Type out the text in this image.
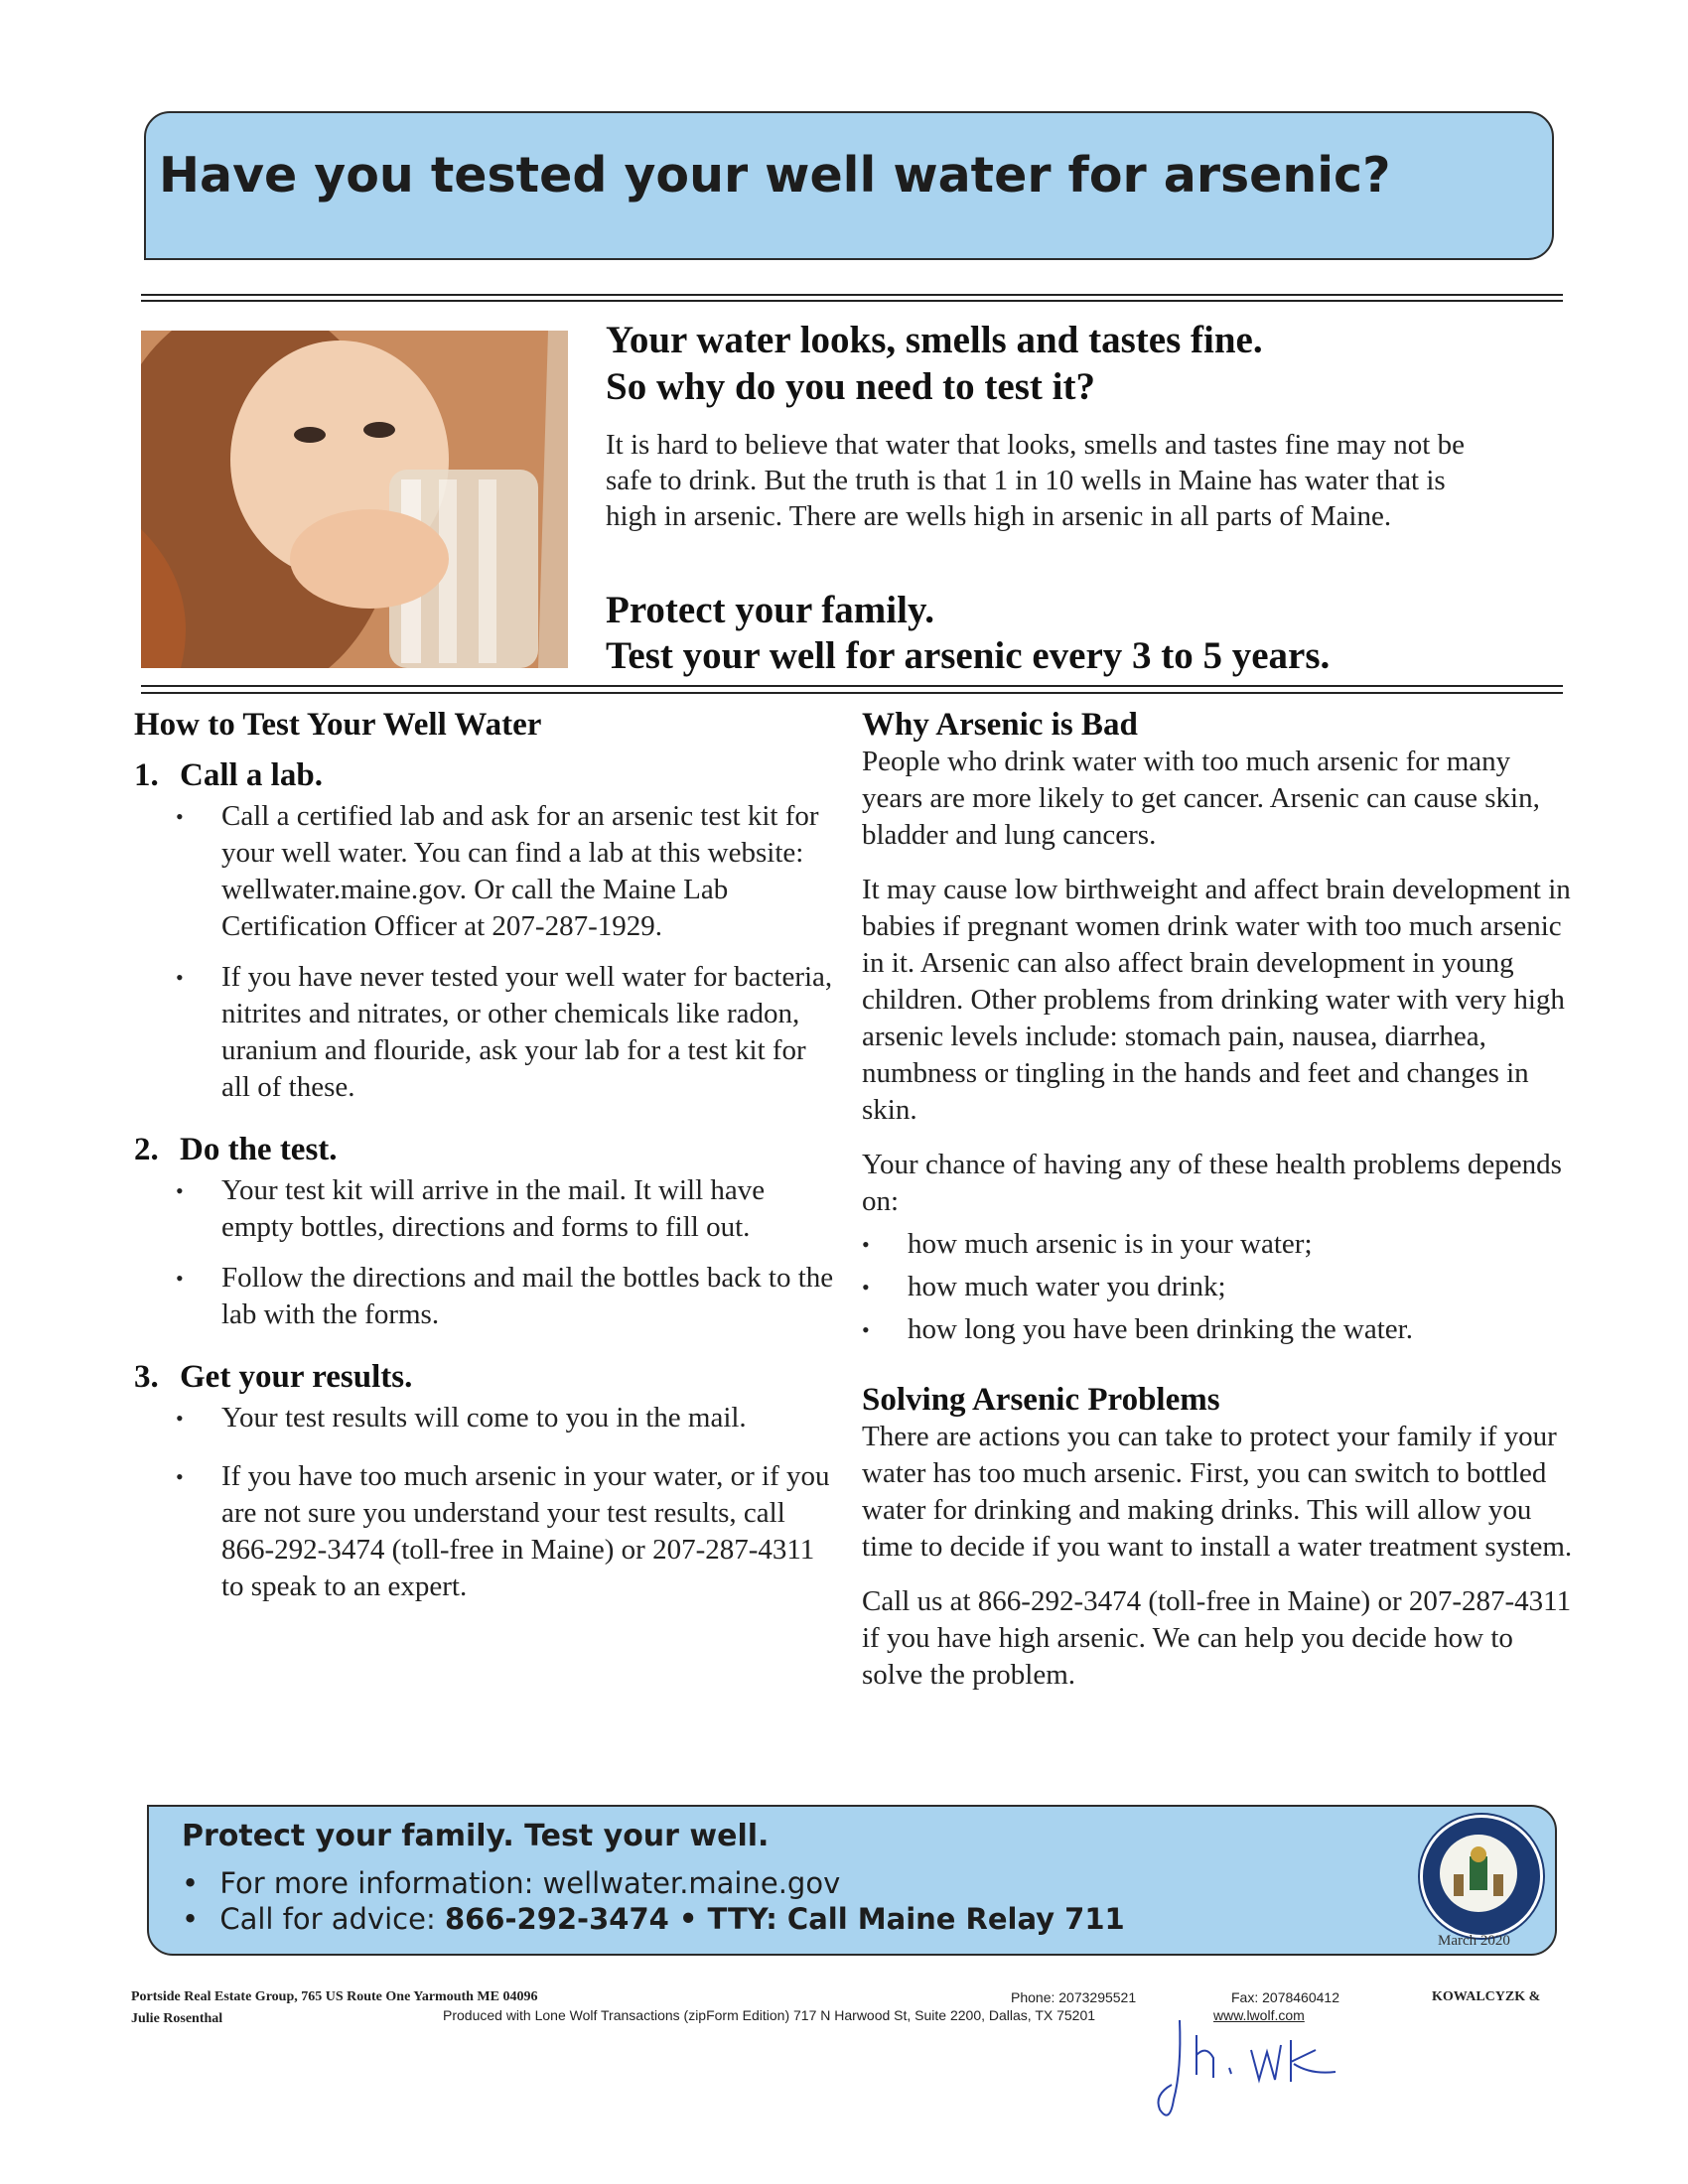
Have you tested your well water for arsenic?
Your water looks, smells and tastes fine.
So why do you need to test it?
It is hard to believe that water that looks, smells and tastes fine may not be safe to drink. But the truth is that 1 in 10 wells in Maine has water that is high in arsenic. There are wells high in arsenic in all parts of Maine.
Protect your family.
Test your well for arsenic every 3 to 5 years.
How to Test Your Well Water
1. Call a lab.
•	Call a certified lab and ask for an arsenic test kit for your well water. You can find a lab at this website: wellwater.maine.gov. Or call the Maine Lab Certification Officer at 207-287-1929.
•	If you have never tested your well water for bacteria, nitrites and nitrates, or other chemicals like radon, uranium and flouride, ask your lab for a test kit for all of these.
2. Do the test.
•	Your test kit will arrive in the mail. It will have empty bottles, directions and forms to fill out.
•	Follow the directions and mail the bottles back to the lab with the forms.
3. Get your results.
•	Your test results will come to you in the mail.
•	If you have too much arsenic in your water, or if you are not sure you understand your test results, call 866-292-3474 (toll-free in Maine) or 207-287-4311 to speak to an expert.
Why Arsenic is Bad

People who drink water with too much arsenic for many years are more likely to get cancer. Arsenic can cause skin, bladder and lung cancers.

It may cause low birthweight and affect brain development in babies if pregnant women drink water with too much arsenic in it. Arsenic can also affect brain development in young children. Other problems from drinking water with very high arsenic levels include: stomach pain, nausea, diarrhea, numbness or tingling in the hands and feet and changes in skin.

Your chance of having any of these health problems depends on:

•	how much arsenic is in your water;
•	how much water you drink;
•	how long you have been drinking the water.
Solving Arsenic Problems

There are actions you can take to protect your family if your water has too much arsenic. First, you can switch to bottled water for drinking and making drinks. This will allow you time to decide if you want to install a water treatment system.

Call us at 866-292-3474 (toll-free in Maine) or 207-287-4311 if you have high arsenic. We can help you decide how to solve the problem.

Protect your family. Test your well.
• For more information: wellwater.maine.gov
• Call for advice: 866-292-3474 • TTY: Call Maine Relay 711
March 2020
Portside Real Estate Group, 765 US Route One Yarmouth ME 04096
Julie Rosenthal
Phone: 2073295521	Fax: 2078460412	KOWALCYZK &
Produced with Lone Wolf Transactions (zipForm Edition) 717 N Harwood St, Suite 2200, Dallas, TX 75201	www.lwolf.com
